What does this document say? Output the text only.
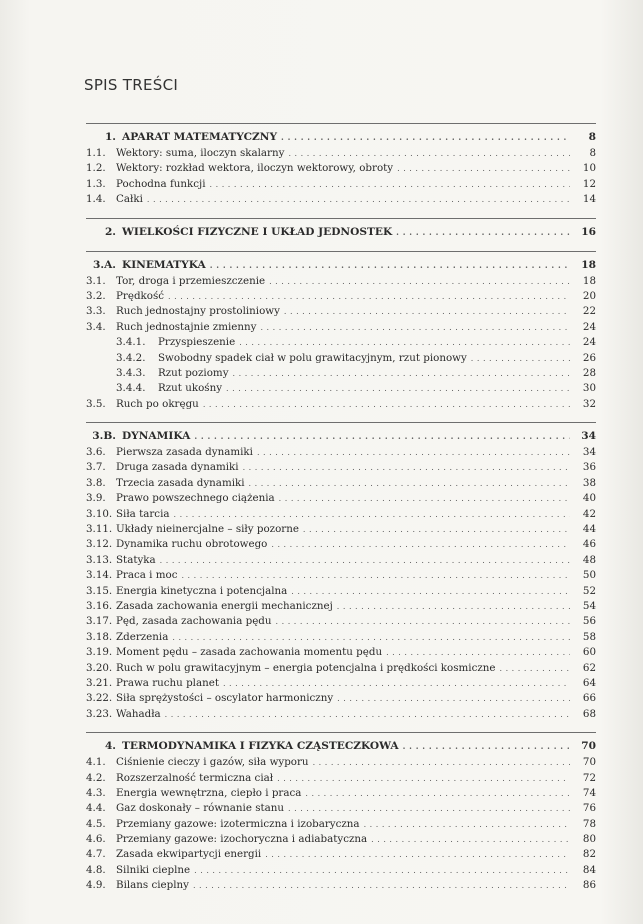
SPIS TREŚCI
1. APARAT MATEMATYCZNY . . .	8
1.1.	Wektory: suma, iloczyn skalarny . . .	8
1.2.	Wektory: rozkład wektora, iloczyn wektorowy, obroty . . .	10
1.3.	Pochodna funkcji . . .	12
1.4.	Całki . . .	14
2. WIELKOŚCI FIZYCZNE I UKŁAD JEDNOSTEK . . .	16
3.A. KINEMATYKA . . .	18
3.1.	Tor, droga i przemieszczenie . . .	18
3.2.	Prędkość . . .	20
3.3.	Ruch jednostajny prostoliniowy . . .	22
3.4.	Ruch jednostajnie zmienny . . .	24
3.4.1.	Przyspieszenie . . .	24
3.4.2.	Swobodny spadek ciał w polu grawitacyjnym, rzut pionowy . . .	26
3.4.3.	Rzut poziomy . . .	28
3.4.4.	Rzut ukośny . . .	30
3.5.	Ruch po okręgu . . .	32
3.B. DYNAMIKA . . .	34
3.6.	Pierwsza zasada dynamiki . . .	34
3.7.	Druga zasada dynamiki . . .	36
3.8.	Trzecia zasada dynamiki . . .	38
3.9.	Prawo powszechnego ciążenia . . .	40
3.10. Siła tarcia . . .	42
3.11. Układy nieinercjalne – siły pozorne . . .	44
3.12. Dynamika ruchu obrotowego . . .	46
3.13. Statyka . . .	48
3.14. Praca i moc . . .	50
3.15. Energia kinetyczna i potencjalna . . .	52
3.16. Zasada zachowania energii mechanicznej . . .	54
3.17. Pęd, zasada zachowania pędu . . .	56
3.18. Zderzenia . . .	58
3.19. Moment pędu – zasada zachowania momentu pędu . . .	60
3.20. Ruch w polu grawitacyjnym – energia potencjalna i prędkości kosmiczne . . .	62
3.21. Prawa ruchu planet . . .	64
3.22. Siła sprężystości – oscylator harmoniczny . . .	66
3.23. Wahadła . . .	68
4. TERMODYNAMIKA I FIZYKA CZĄSTECZKOWA . . .	70
4.1.	Ciśnienie cieczy i gazów, siła wyporu . . .	70
4.2.	Rozszerzalność termiczna ciał . . .	72
4.3.	Energia wewnętrzna, ciepło i praca . . .	74
4.4.	Gaz doskonały – równanie stanu . . .	76
4.5.	Przemiany gazowe: izotermiczna i izobaryczna . . .	78
4.6.	Przemiany gazowe: izochoryczna i adiabatyczna . . .	80
4.7.	Zasada ekwipartycji energii . . .	82
4.8.	Silniki cieplne . . .	84
4.9.	Bilans cieplny . . .	86
